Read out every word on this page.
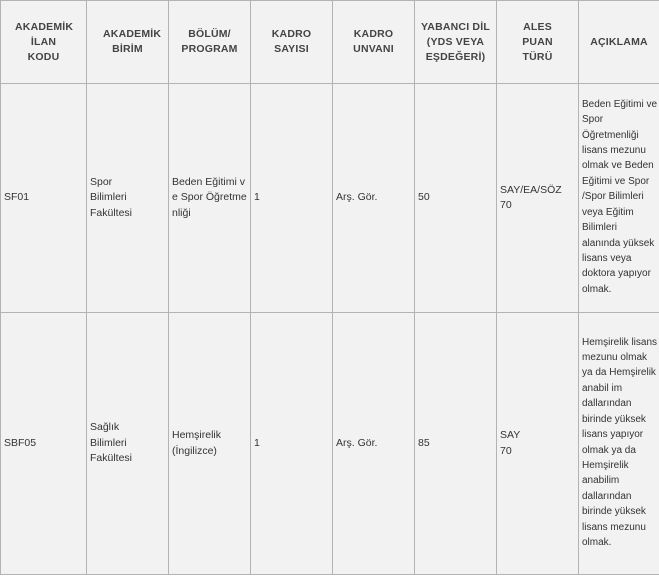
AKADEMİK İLAN KODU	AKADEMİK BİRİM	BÖLÜM/ PROGRAM	KADRO SAYISI	KADRO UNVANI	YABANCI DİL (YDS VEYA EŞDEĞERİ)	ALES PUAN TÜRÜ	AÇIKLAMA

SF01	Spor Bilimleri Fakültesi	Beden Eğitimi ve Spor Öğretmenliği	1	Arş. Gör.	50	SAY/EA/SÖZ 70	Beden Eğitimi ve Spor Öğretmenliği lisans mezunu olmak ve Beden Eğitimi ve Spor /Spor Bilimleri veya Eğitim Bilimleri alanında yüksek lisans veya doktora yapıyor olmak.

SBF05	Sağlık Bilimleri Fakültesi	Hemşirelik (İngilizce)	1	Arş. Gör.	85	SAY 70	Hemşirelik lisans mezunu olmak ya da Hemşirelik anabil im dallarından birinde yüksek lisans yapıyor olmak ya da Hemşirelik anabilim dallarından birinde yüksek lisans mezunu olmak.
